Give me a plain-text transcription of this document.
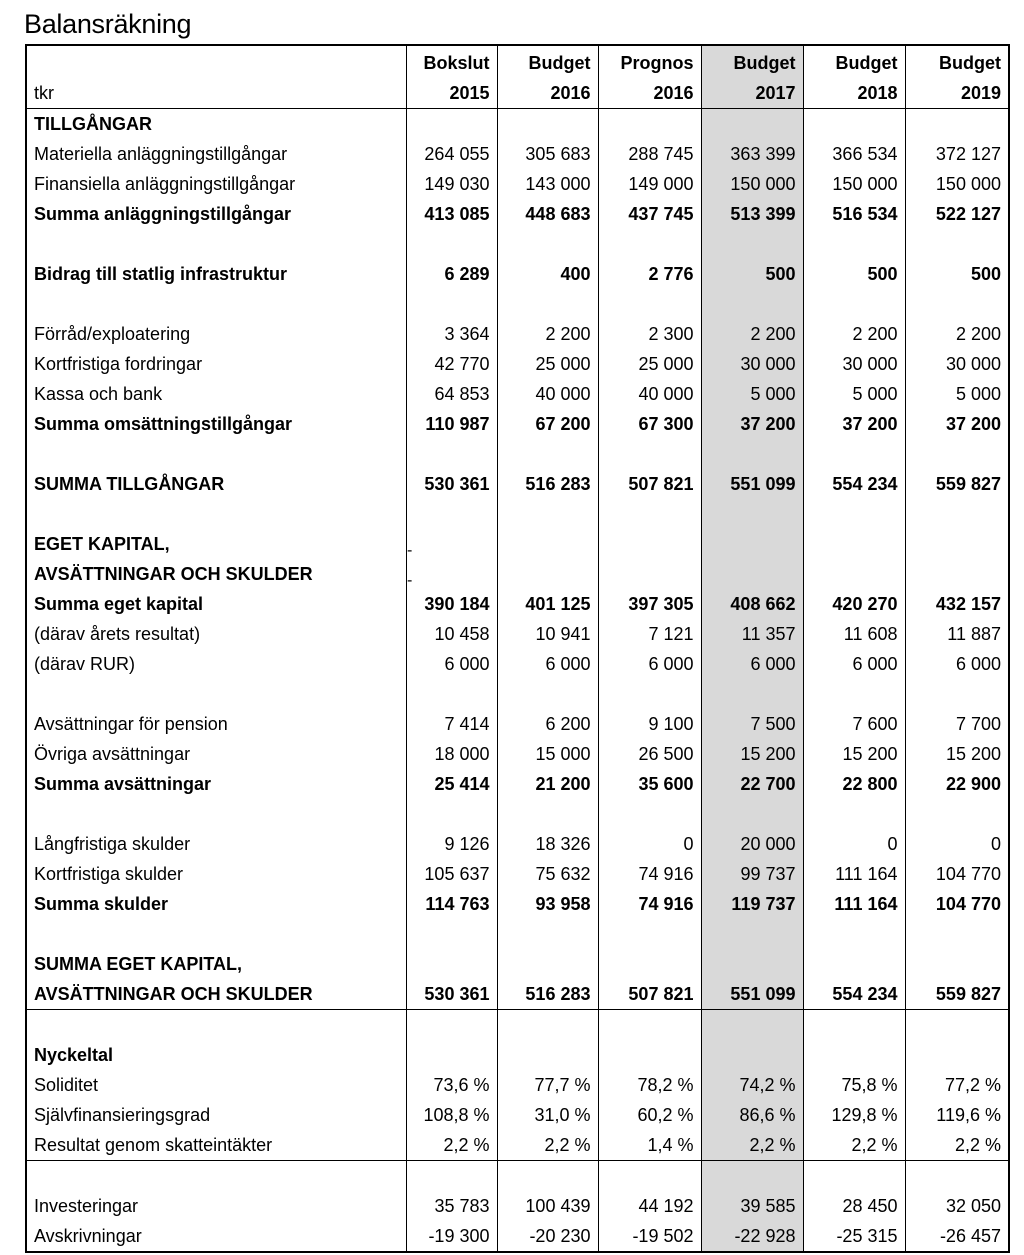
Balansräkning
	Bokslut	Budget	Prognos	Budget	Budget	Budget
tkr	2015	2016	2016	2017	2018	2019
TILLGÅNGAR						
Materiella anläggningstillgångar	264 055	305 683	288 745	363 399	366 534	372 127
Finansiella anläggningstillgångar	149 030	143 000	149 000	150 000	150 000	150 000
Summa anläggningstillgångar	413 085	448 683	437 745	513 399	516 534	522 127

Bidrag till statlig infrastruktur	6 289	400	2 776	500	500	500

Förråd/exploatering	3 364	2 200	2 300	2 200	2 200	2 200
Kortfristiga fordringar	42 770	25 000	25 000	30 000	30 000	30 000
Kassa och bank	64 853	40 000	40 000	5 000	5 000	5 000
Summa omsättningstillgångar	110 987	67 200	67 300	37 200	37 200	37 200

SUMMA TILLGÅNGAR	530 361	516 283	507 821	551 099	554 234	559 827

EGET KAPITAL,						
AVSÄTTNINGAR OCH SKULDER						
Summa eget kapital	390 184	401 125	397 305	408 662	420 270	432 157
(därav årets resultat)	10 458	10 941	7 121	11 357	11 608	11 887
(därav RUR)	6 000	6 000	6 000	6 000	6 000	6 000

Avsättningar för pension	7 414	6 200	9 100	7 500	7 600	7 700
Övriga avsättningar	18 000	15 000	26 500	15 200	15 200	15 200
Summa avsättningar	25 414	21 200	35 600	22 700	22 800	22 900

Långfristiga skulder	9 126	18 326	0	20 000	0	0
Kortfristiga skulder	105 637	75 632	74 916	99 737	111 164	104 770
Summa skulder	114 763	93 958	74 916	119 737	111 164	104 770

SUMMA EGET KAPITAL,						
AVSÄTTNINGAR OCH SKULDER	530 361	516 283	507 821	551 099	554 234	559 827

Nyckeltal						
Soliditet	73,6 %	77,7 %	78,2 %	74,2 %	75,8 %	77,2 %
Självfinansieringsgrad	108,8 %	31,0 %	60,2 %	86,6 %	129,8 %	119,6 %
Resultat genom skatteintäkter	2,2 %	2,2 %	1,4 %	2,2 %	2,2 %	2,2 %

Investeringar	35 783	100 439	44 192	39 585	28 450	32 050
Avskrivningar	-19 300	-20 230	-19 502	-22 928	-25 315	-26 457
-
-
